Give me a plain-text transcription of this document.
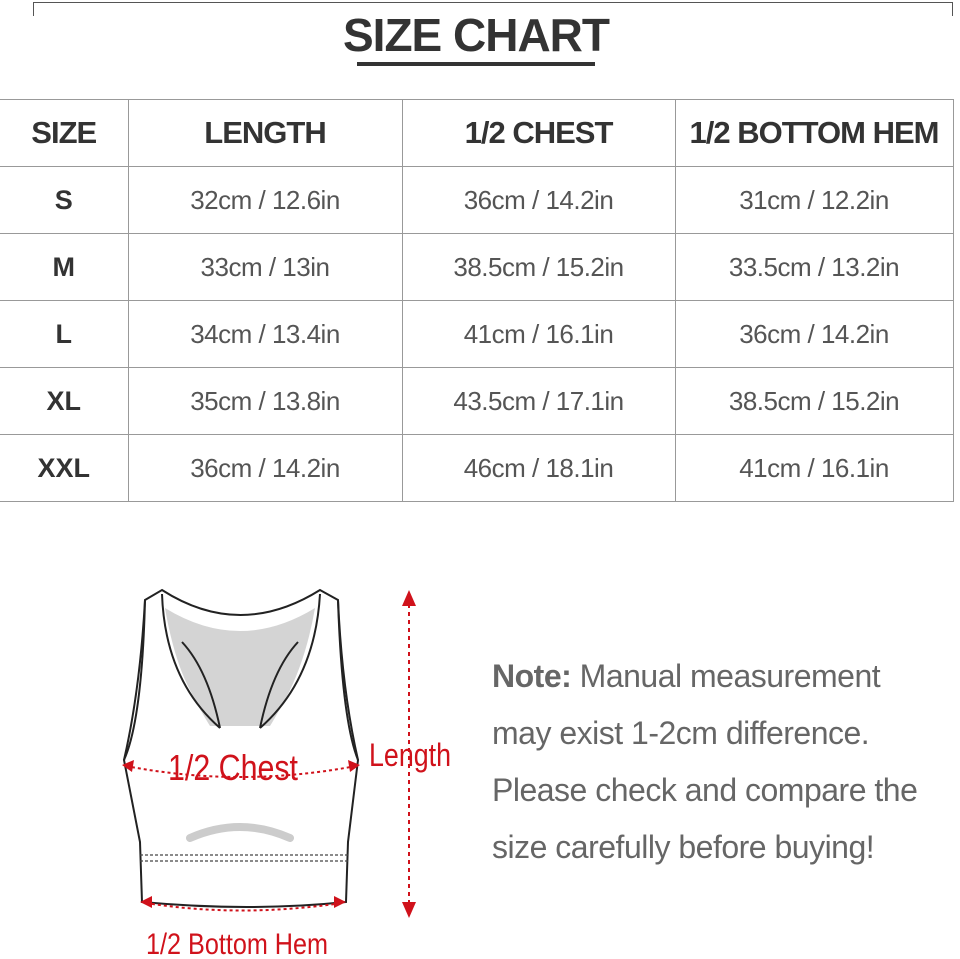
SIZE CHART
SIZE	LENGTH	1/2 CHEST	1/2 BOTTOM HEM
S	32cm / 12.6in	36cm / 14.2in	31cm / 12.2in
M	33cm / 13in	38.5cm / 15.2in	33.5cm / 13.2in
L	34cm / 13.4in	41cm / 16.1in	36cm / 14.2in
XL	35cm / 13.8in	43.5cm / 17.1in	38.5cm / 15.2in
XXL	36cm / 14.2in	46cm / 18.1in	41cm / 16.1in
1/2 Chest Length
1/2 Bottom Hem
Note: Manual measurement may exist 1-2cm difference. Please check and compare the size carefully before buying!
